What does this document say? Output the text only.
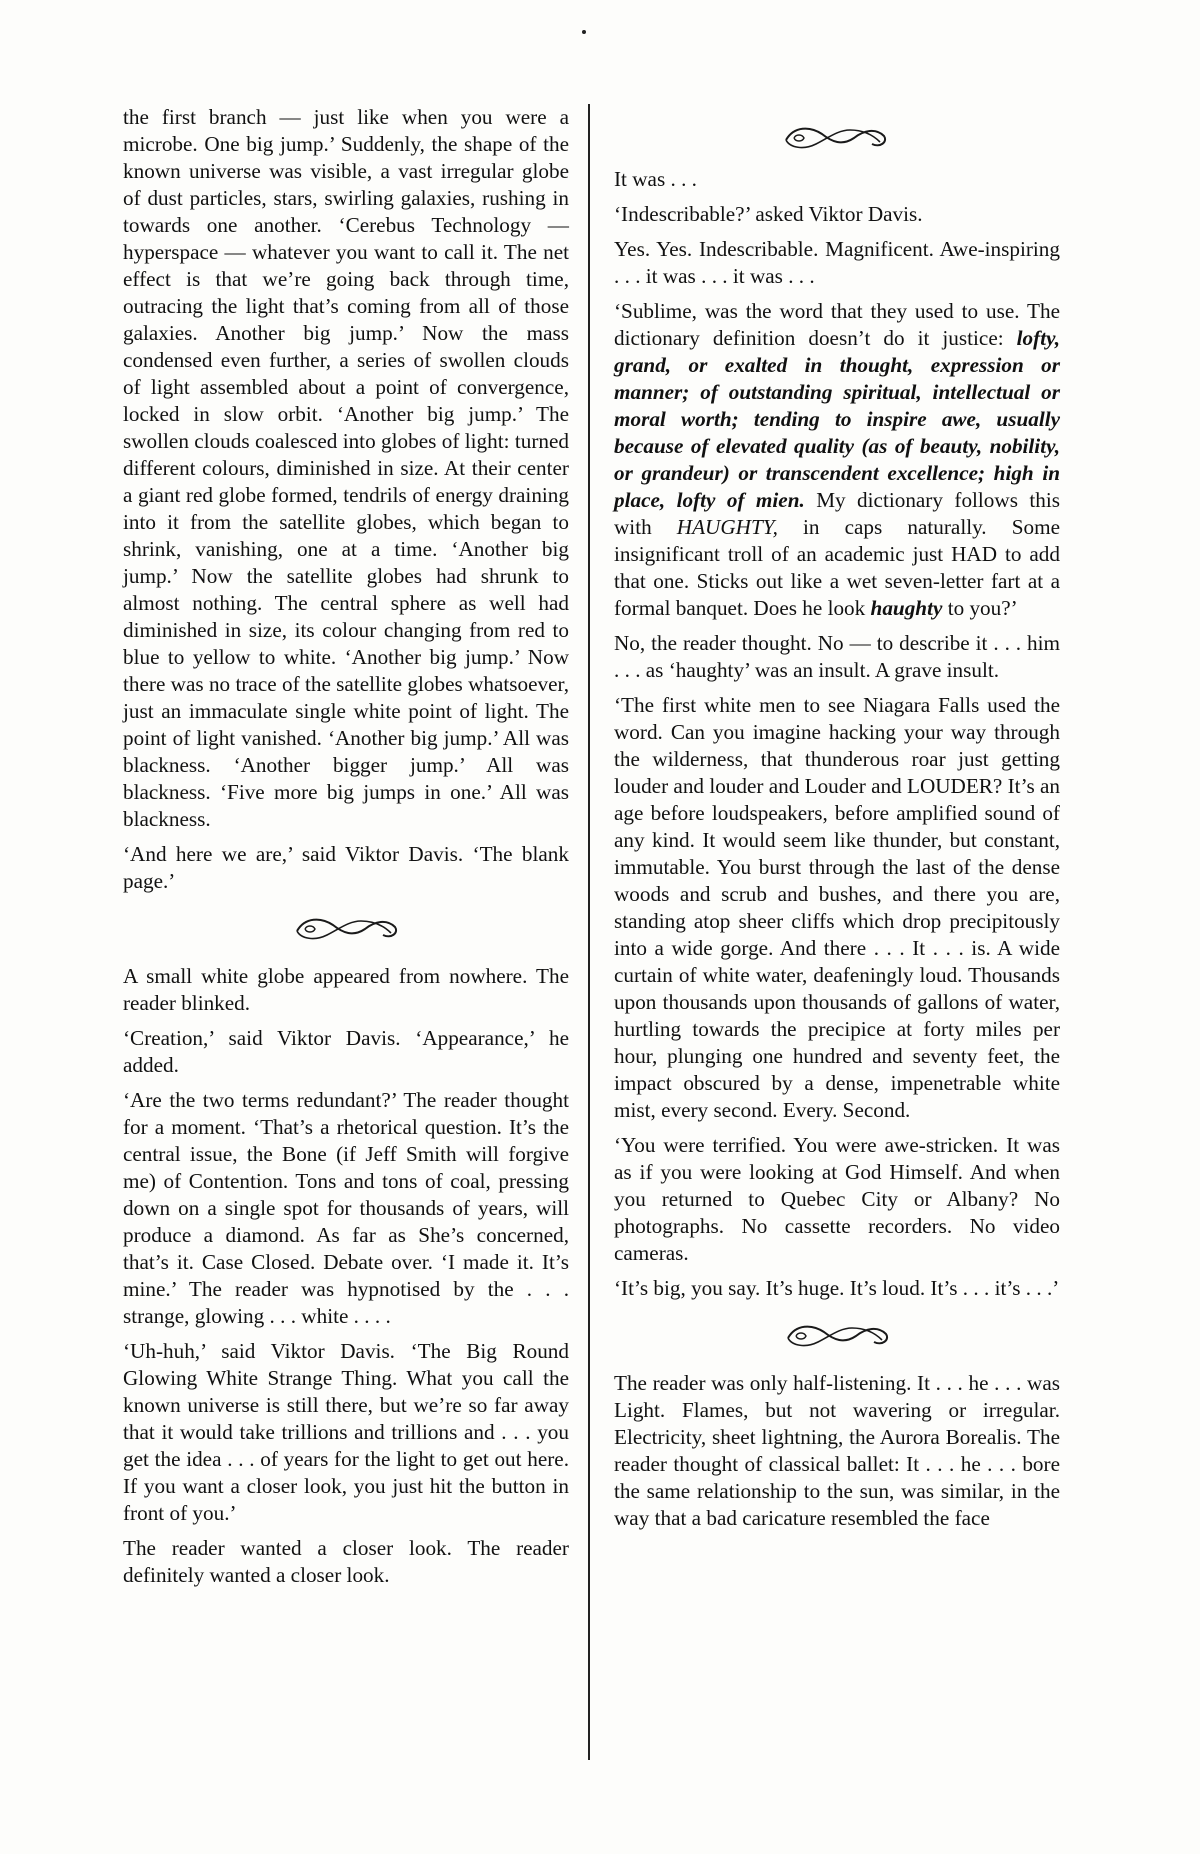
the first branch — just like when you were a microbe. One big jump.’ Suddenly, the shape of the known universe was visible, a vast irregular globe of dust particles, stars, swirling galaxies, rushing in towards one another. ‘Cerebus Technology — hyperspace — whatever you want to call it. The net effect is that we’re going back through time, outracing the light that’s coming from all of those galaxies. Another big jump.’ Now the mass condensed even further, a series of swollen clouds of light assembled about a point of convergence, locked in slow orbit. ‘Another big jump.’ The swollen clouds coalesced into globes of light: turned different colours, diminished in size. At their center a giant red globe formed, tendrils of energy draining into it from the satellite globes, which began to shrink, vanishing, one at a time. ‘Another big jump.’ Now the satellite globes had shrunk to almost nothing. The central sphere as well had diminished in size, its colour changing from red to blue to yellow to white. ‘Another big jump.’ Now there was no trace of the satellite globes whatsoever, just an immaculate single white point of light. The point of light vanished. ‘Another big jump.’ All was blackness. ‘Another bigger jump.’ All was blackness. ‘Five more big jumps in one.’ All was blackness.

‘And here we are,’ said Viktor Davis. ‘The blank page.’

A small white globe appeared from nowhere. The reader blinked.

‘Creation,’ said Viktor Davis. ‘Appearance,’ he added.

‘Are the two terms redundant?’ The reader thought for a moment. ‘That’s a rhetorical question. It’s the central issue, the Bone (if Jeff Smith will forgive me) of Contention. Tons and tons of coal, pressing down on a single spot for thousands of years, will produce a diamond. As far as She’s concerned, that’s it. Case Closed. Debate over. ‘I made it. It’s mine.’ The reader was hypnotised by the . . . strange, glowing . . . white . . . .

‘Uh-huh,’ said Viktor Davis. ‘The Big Round Glowing White Strange Thing. What you call the known universe is still there, but we’re so far away that it would take trillions and trillions and . . . you get the idea . . . of years for the light to get out here. If you want a closer look, you just hit the button in front of you.’

The reader wanted a closer look. The reader definitely wanted a closer look.

It was . . .

‘Indescribable?’ asked Viktor Davis.

Yes. Yes. Indescribable. Magnificent. Awe-inspiring . . . it was . . . it was . . .

‘Sublime, was the word that they used to use. The dictionary definition doesn’t do it justice: lofty, grand, or exalted in thought, expression or manner; of outstanding spiritual, intellectual or moral worth; tending to inspire awe, usually because of elevated quality (as of beauty, nobility, or grandeur) or transcendent excellence; high in place, lofty of mien. My dictionary follows this with HAUGHTY, in caps naturally. Some insignificant troll of an academic just HAD to add that one. Sticks out like a wet seven-letter fart at a formal banquet. Does he look haughty to you?’

No, the reader thought. No — to describe it . . . him . . . as ‘haughty’ was an insult. A grave insult.

‘The first white men to see Niagara Falls used the word. Can you imagine hacking your way through the wilderness, that thunderous roar just getting louder and louder and Louder and LOUDER? It’s an age before loudspeakers, before amplified sound of any kind. It would seem like thunder, but constant, immutable. You burst through the last of the dense woods and scrub and bushes, and there you are, standing atop sheer cliffs which drop precipitously into a wide gorge. And there . . . It . . . is. A wide curtain of white water, deafeningly loud. Thousands upon thousands upon thousands of gallons of water, hurtling towards the precipice at forty miles per hour, plunging one hundred and seventy feet, the impact obscured by a dense, impenetrable white mist, every second. Every. Second.

‘You were terrified. You were awe-stricken. It was as if you were looking at God Himself. And when you returned to Quebec City or Albany? No photographs. No cassette recorders. No video cameras.

‘It’s big, you say. It’s huge. It’s loud. It’s . . . it’s . . .’

The reader was only half-listening. It . . . he . . . was Light. Flames, but not wavering or irregular. Electricity, sheet lightning, the Aurora Borealis. The reader thought of classical ballet: It . . . he . . . bore the same relationship to the sun, was similar, in the way that a bad caricature resembled the face
